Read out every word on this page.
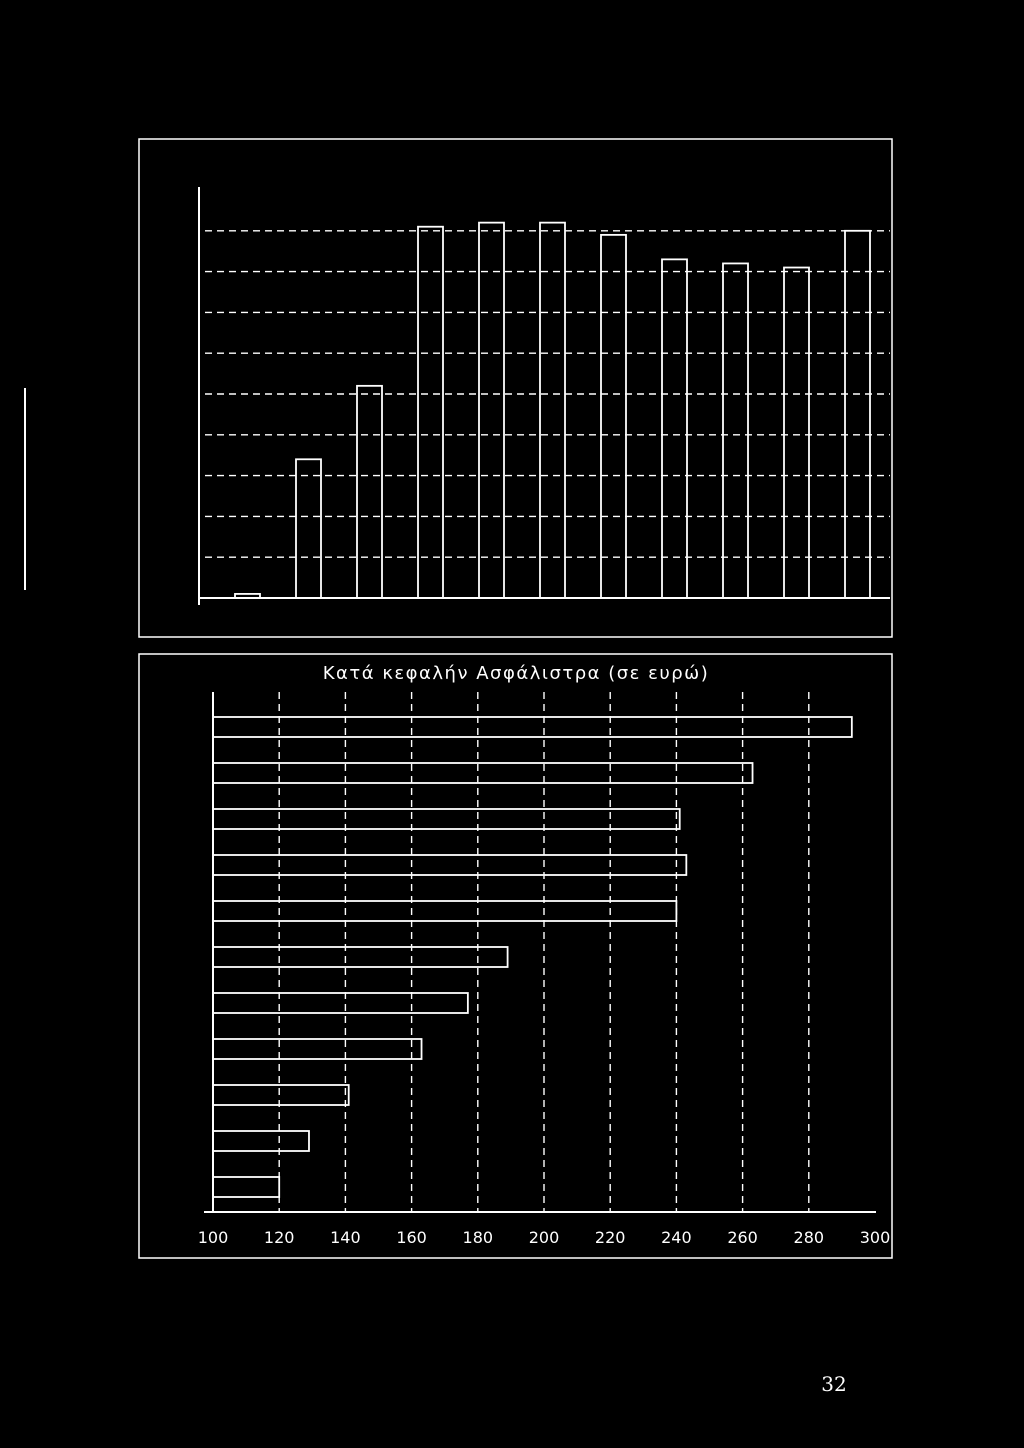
Κατά κεφαλήν Ασφάλιστρα (σε ευρώ)
100 120 140 160 180 200 220 240 260 280 300
32
